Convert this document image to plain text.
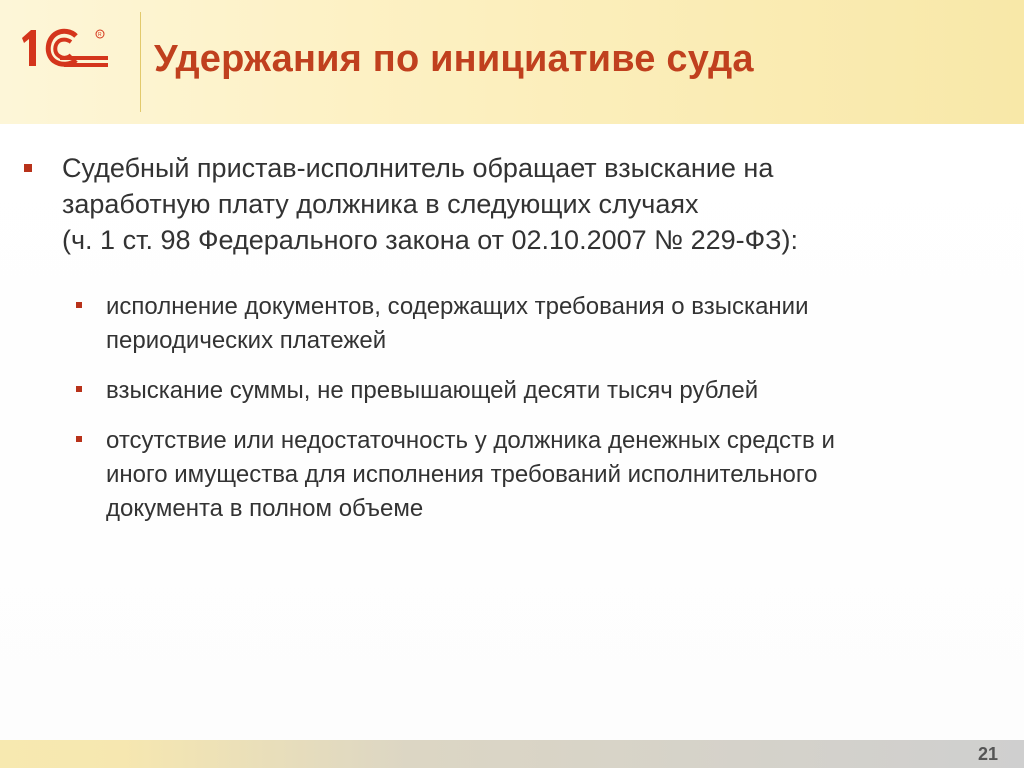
R
Удержания по инициативе суда

Судебный пристав-исполнитель обращает взыскание на
заработную плату должника в следующих случаях
(ч. 1 ст. 98 Федерального закона от 02.10.2007 № 229-ФЗ):

исполнение документов, содержащих требования о взыскании
периодических платежей
взыскание суммы, не превышающей десяти тысяч рублей
отсутствие или недостаточность у должника денежных средств и
иного имущества для исполнения требований исполнительного
документа в полном объеме
21
